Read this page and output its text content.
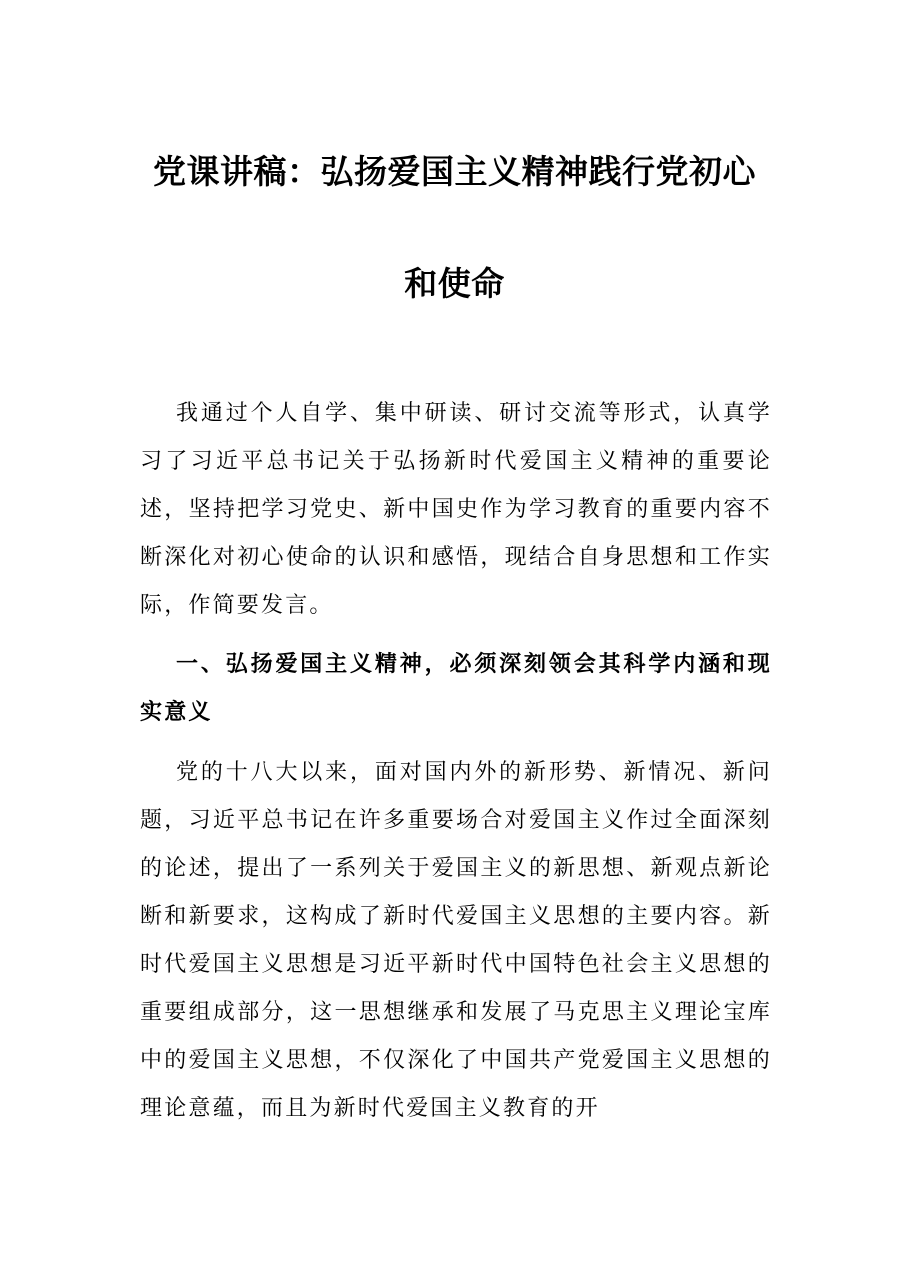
党课讲稿：弘扬爱国主义精神践行党初心
和使命

我通过个人自学、集中研读、研讨交流等形式，认真学习了习近平总书记关于弘扬新时代爱国主义精神的重要论述，坚持把学习党史、新中国史作为学习教育的重要内容不断深化对初心使命的认识和感悟，现结合自身思想和工作实际，作简要发言。

一、弘扬爱国主义精神，必须深刻领会其科学内涵和现实意义

党的十八大以来，面对国内外的新形势、新情况、新问题，习近平总书记在许多重要场合对爱国主义作过全面深刻的论述，提出了一系列关于爱国主义的新思想、新观点新论断和新要求，这构成了新时代爱国主义思想的主要内容。新时代爱国主义思想是习近平新时代中国特色社会主义思想的重要组成部分，这一思想继承和发展了马克思主义理论宝库中的爱国主义思想，不仅深化了中国共产党爱国主义思想的理论意蕴，而且为新时代爱国主义教育的开
